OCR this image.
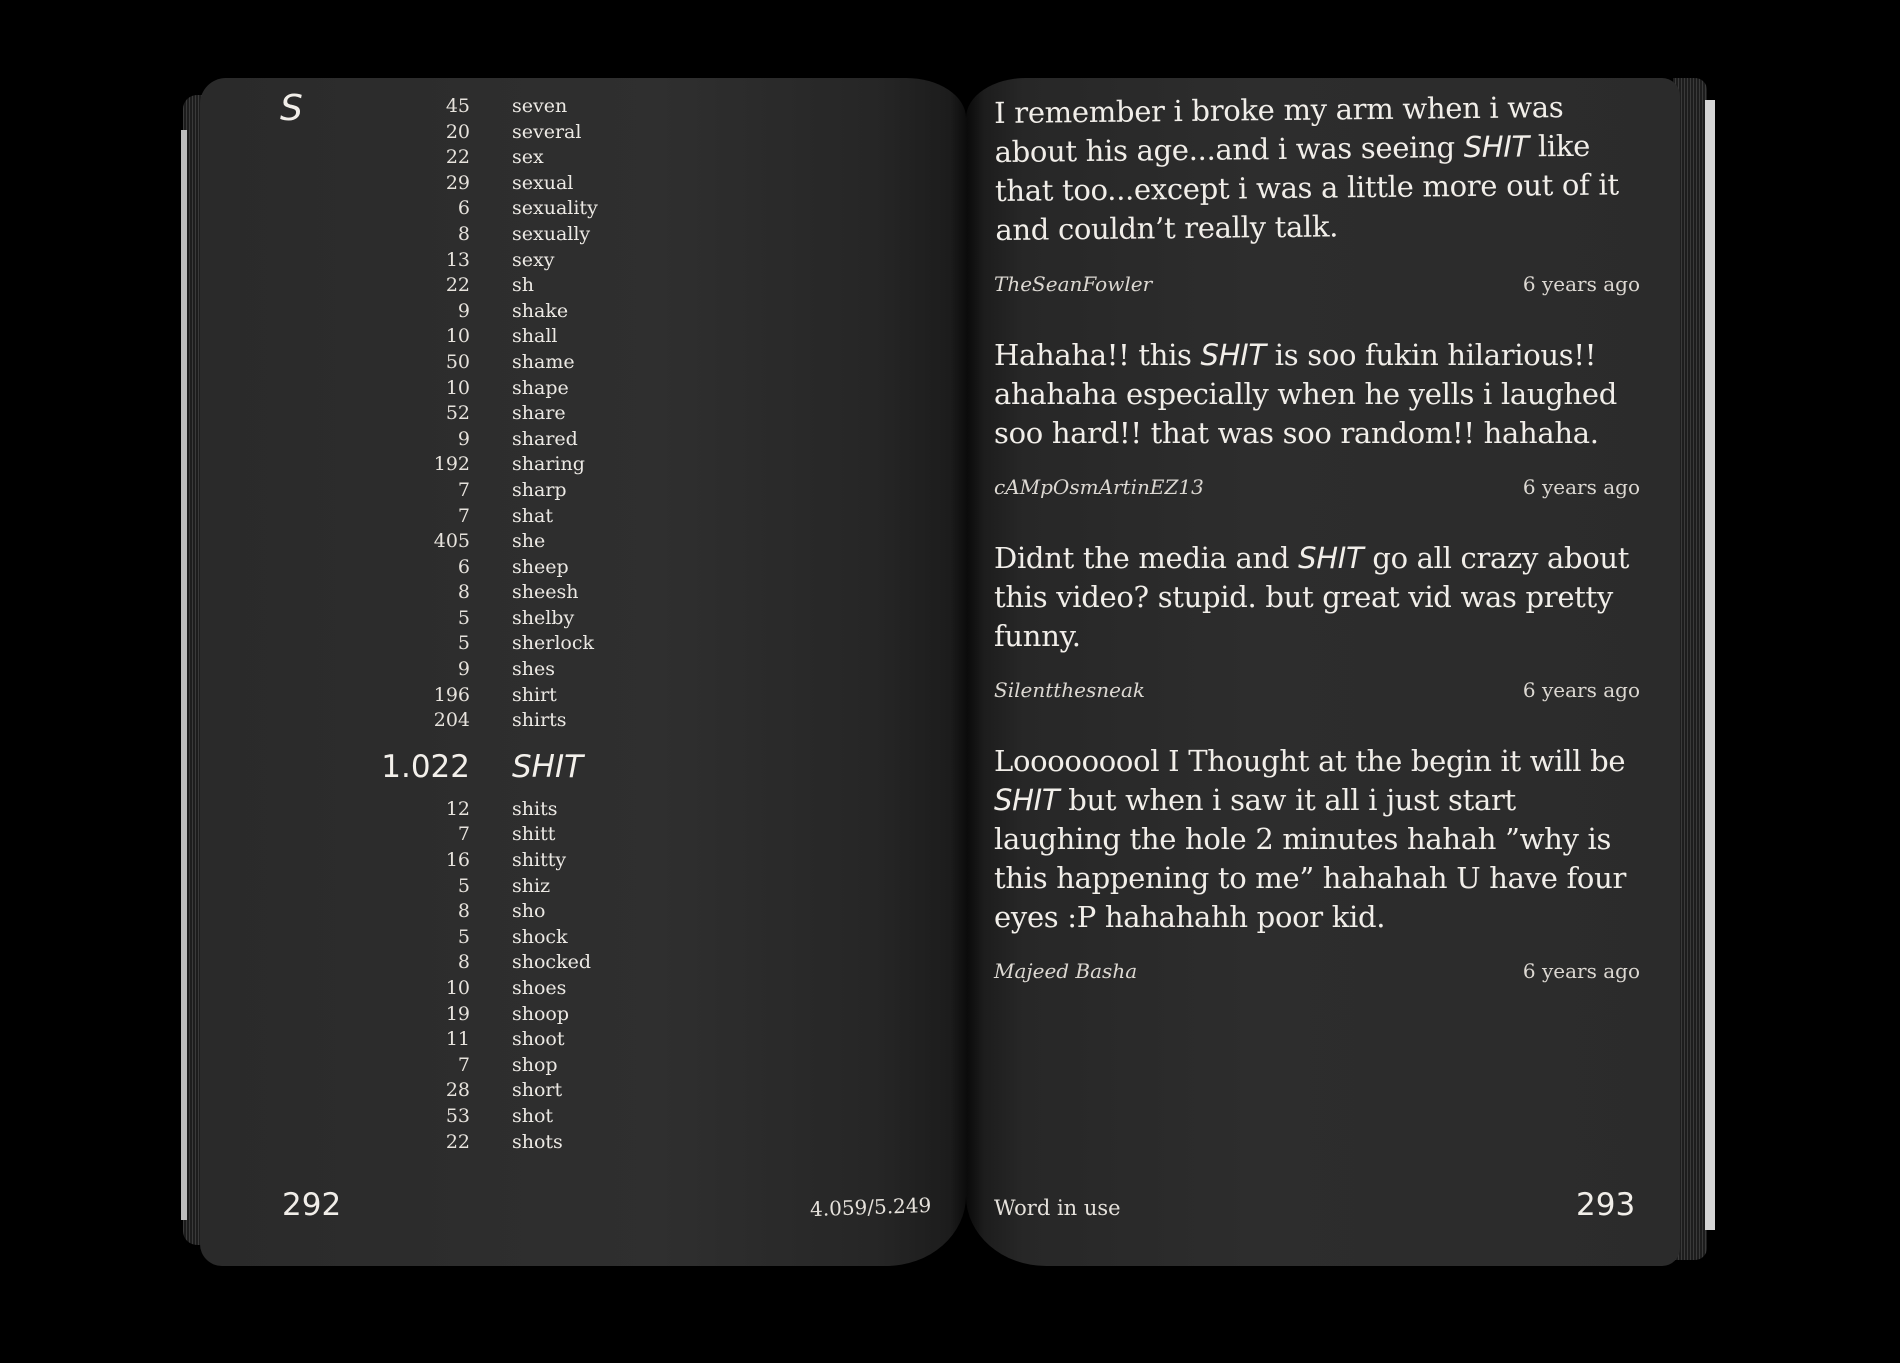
S	45 seven
20 several
22 sex
29 sexual
6 sexuality
8 sexually
13 sexy
22 sh
9 shake
10 shall
50 shame
10 shape
52 share
9 shared
192 sharing
7 sharp
7 shat
405 she
6 sheep
8 sheesh
5 shelby
5 sherlock
9 shes
196 shirt
204 shirts
1.022 SHIT
12 shits
7 shitt
16 shitty
5 shiz
8 sho
5 shock
8 shocked
10 shoes
19 shoop
11 shoot
7 shop
28 short
53 shot
22 shots
292	4.059/5.249
I remember i broke my arm when i was about his age...and i was seeing SHIT like that too...except i was a little more out of it and couldn’t really talk.
TheSeanFowler	6 years ago
Hahaha!! this SHIT is soo fukin hilarious!! ahahaha especially when he yells i laughed soo hard!! that was soo random!! hahaha.
cAMpOsmArtinEZ13	6 years ago
Didnt the media and SHIT go all crazy about this video? stupid. but great vid was pretty funny.
Silentthesneak	6 years ago
Looooooool I Thought at the begin it will be SHIT but when i saw it all i just start laughing the hole 2 minutes hahah ”why is this happening to me” hahahah U have four eyes :P hahahahh poor kid.
Majeed Basha	6 years ago
Word in use	293
